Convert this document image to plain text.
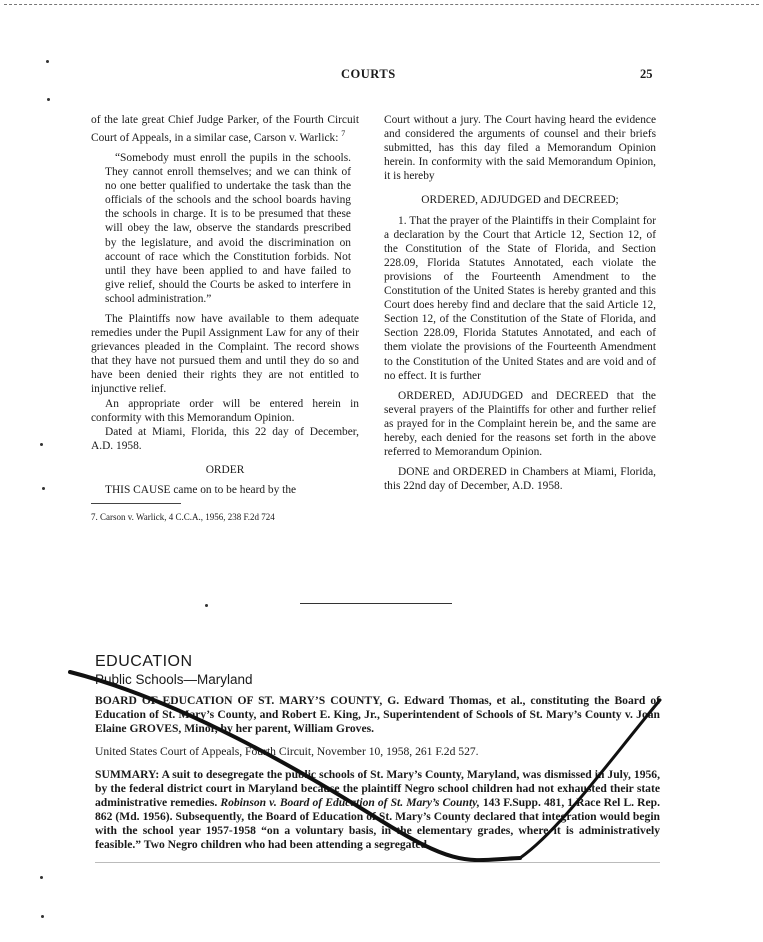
COURTS	25

of the late great Chief Judge Parker, of the Fourth Circuit Court of Appeals, in a similar case, Carson v. Warlick: $^7$

“Somebody must enroll the pupils in the schools. They cannot enroll themselves; and we can think of no one better qualified to undertake the task than the officials of the schools and the school boards having the schools in charge. It is to be presumed that these will obey the law, observe the standards prescribed by the legislature, and avoid the discrimination on account of race which the Constitution forbids. Not until they have been applied to and have failed to give relief, should the Courts be asked to interfere in school administration.”

The Plaintiffs now have available to them adequate remedies under the Pupil Assignment Law for any of their grievances pleaded in the Complaint. The record shows that they have not pursued them and until they do so and have been denied their rights they are not entitled to injunctive relief.

An appropriate order will be entered herein in conformity with this Memorandum Opinion.

Dated at Miami, Florida, this 22 day of December, A.D. 1958.

ORDER

THIS CAUSE came on to be heard by the

7. Carson v. Warlick, 4 C.C.A., 1956, 238 F.2d 724

Court without a jury. The Court having heard the evidence and considered the arguments of counsel and their briefs submitted, has this day filed a Memorandum Opinion herein. In conformity with the said Memorandum Opinion, it is hereby

ORDERED, ADJUDGED and DECREED;

1. That the prayer of the Plaintiffs in their Complaint for a declaration by the Court that Article 12, Section 12, of the Constitution of the State of Florida, and Section 228.09, Florida Statutes Annotated, each violate the provisions of the Fourteenth Amendment to the Constitution of the United States is hereby granted and this Court does hereby find and declare that the said Article 12, Section 12, of the Constitution of the State of Florida, and Section 228.09, Florida Statutes Annotated, and each of them violate the provisions of the Fourteenth Amendment to the Constitution of the United States and are void and of no effect. It is further

ORDERED, ADJUDGED and DECREED that the several prayers of the Plaintiffs for other and further relief as prayed for in the Complaint herein be, and the same are hereby, each denied for the reasons set forth in the above referred to Memorandum Opinion.

DONE and ORDERED in Chambers at Miami, Florida, this 22nd day of December, A.D. 1958.

EDUCATION
Public Schools—Maryland
BOARD OF EDUCATION OF ST. MARY’S COUNTY, G. Edward Thomas, et al., constituting the Board of Education of St. Mary’s County, and Robert E. King, Jr., Superintendent of Schools of St. Mary’s County v. Joan Elaine GROVES, Minor, by her parent, William Groves.
United States Court of Appeals, Fourth Circuit, November 10, 1958, 261 F.2d 527.
SUMMARY: A suit to desegregate the public schools of St. Mary’s County, Maryland, was dismissed in July, 1956, by the federal district court in Maryland because the plaintiff Negro school children had not exhausted their state administrative remedies. Robinson v. Board of Education of St. Mary’s County, 143 F.Supp. 481, 1 Race Rel L. Rep. 862 (Md. 1956). Subsequently, the Board of Education of St. Mary’s County declared that integration would begin with the school year 1957-1958 “on a voluntary basis, in the elementary grades, where it is administratively feasible.” Two Negro children who had been attending a segregated
